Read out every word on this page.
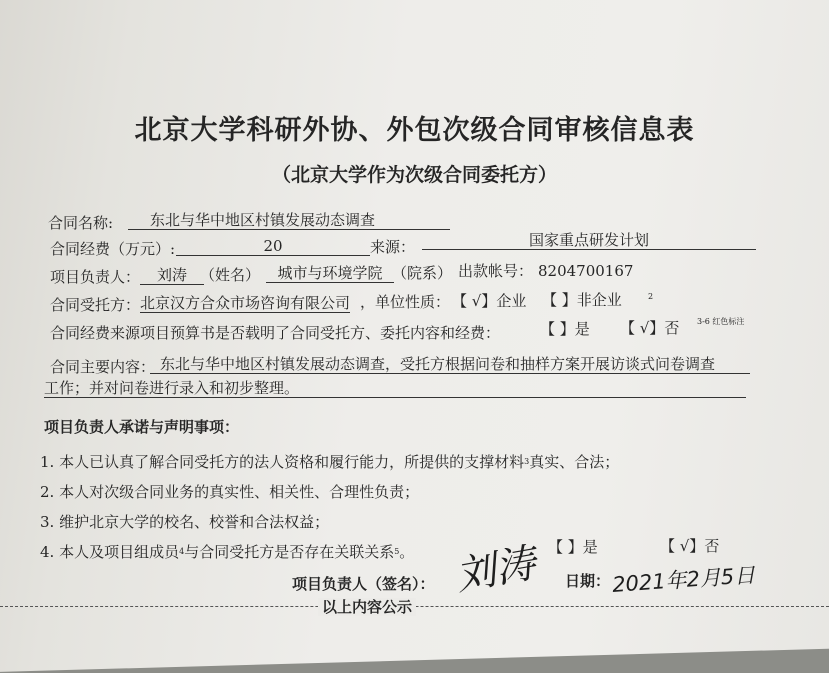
北京大学科研外协、外包次级合同审核信息表
（北京大学作为次级合同委托方）
合同名称:	东北与华中地区村镇发展动态调查
合同经费（万元）:	20	来源：	国家重点研发计划
项目负责人：	刘涛 （姓名）	城市与环境学院 （院系） 出款帐号： 8204700167
合同受托方： 北京汉方合众市场咨询有限公司 ，单位性质： 【 √】企业 【 】非企业	2
合同经费来源项目预算书是否载明了合同受托方、委托内容和经费：	【 】是 【 √】否 3-6 红色标注
合同主要内容： 东北与华中地区村镇发展动态调查，受托方根据问卷和抽样方案开展访谈式问卷调查
工作；并对问卷进行录入和初步整理。
项目负责人承诺与声明事项：
1. 本人已认真了解合同受托方的法人资格和履行能力，所提供的支撑材料$^3$真实、合法；
2. 本人对次级合同业务的真实性、相关性、合理性负责；
3. 维护北京大学的校名、校誉和合法权益；
4. 本人及项目组成员$^4$与合同受托方是否存在关联关系$^5$。	【 】是	【 √】否
项目负责人（签名）： 刘涛 日期： 2021年2月5日
以上内容公示
